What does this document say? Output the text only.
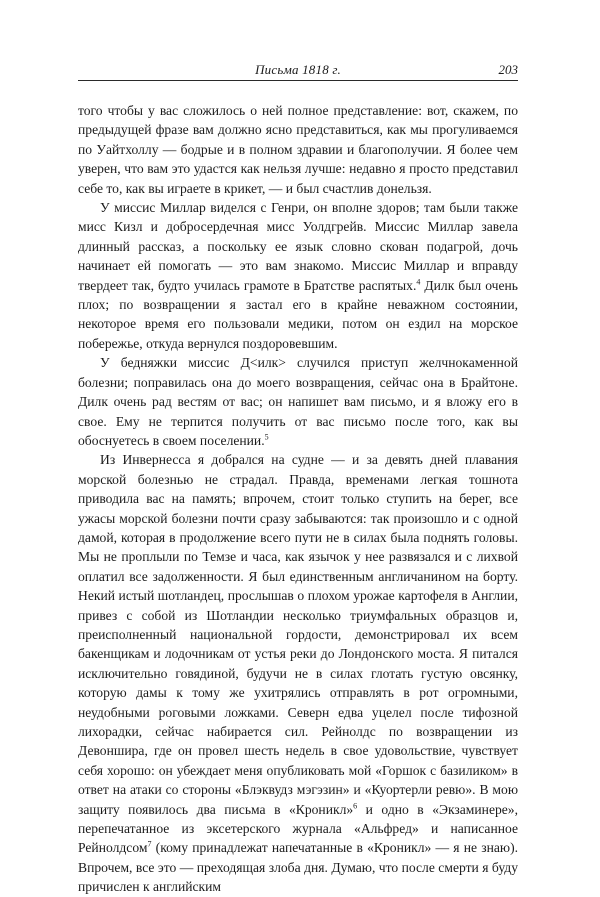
Письма 1818 г.	203

того чтобы у вас сложилось о ней полное представление: вот, скажем, по предыдущей фразе вам должно ясно представиться, как мы прогуливаемся по Уайтхоллу — бодрые и в полном здравии и благополучии. Я более чем уверен, что вам это удастся как нельзя лучше: недавно я просто представил себе то, как вы играете в крикет, — и был счастлив донельзя.

У миссис Миллар виделся с Генри, он вполне здоров; там были также мисс Кизл и добросердечная мисс Уолдгрейв. Миссис Миллар завела длинный рассказ, а поскольку ее язык словно скован подагрой, дочь начинает ей помогать — это вам знакомо. Миссис Миллар и вправду твердеет так, будто училась грамоте в Братстве распятых.$^4$ Дилк был очень плох; по возвращении я застал его в крайне неважном состоянии, некоторое время его пользовали медики, потом он ездил на морское побережье, откуда вернулся поздоровевшим.

У бедняжки миссис Д<илк> случился приступ желчнокаменной болезни; поправилась она до моего возвращения, сейчас она в Брайтоне. Дилк очень рад вестям от вас; он напишет вам письмо, и я вложу его в свое. Ему не терпится получить от вас письмо после того, как вы обоснуетесь в своем поселении.$^5$

Из Инвернесса я добрался на судне — и за девять дней плавания морской болезнью не страдал. Правда, временами легкая тошнота приводила вас на память; впрочем, стоит только ступить на берег, все ужасы морской болезни почти сразу забываются: так произошло и с одной дамой, которая в продолжение всего пути не в силах была поднять головы. Мы не проплыли по Темзе и часа, как язычок у нее развязался и с лихвой оплатил все задолженности. Я был единственным англичанином на борту. Некий истый шотландец, прослышав о плохом урожае картофеля в Англии, привез с собой из Шотландии несколько триумфальных образцов и, преисполненный национальной гордости, демонстрировал их всем бакенщикам и лодочникам от устья реки до Лондонского моста. Я питался исключительно говядиной, будучи не в силах глотать густую овсянку, которую дамы к тому же ухитрялись отправлять в рот огромными, неудобными роговыми ложками. Северн едва уцелел после тифозной лихорадки, сейчас набирается сил. Рейнолдс по возвращении из Девоншира, где он провел шесть недель в свое удовольствие, чувствует себя хорошо: он убеждает меня опубликовать мой «Горшок с базиликом» в ответ на атаки со стороны «Блэквудз мэгэзин» и «Куортерли ревю». В мою защиту появилось два письма в «Кроникл»$^6$ и одно в «Экзаминере», перепечатанное из эксетерского журнала «Альфред» и написанное Рейнолдсом$^7$ (кому принадлежат напечатанные в «Кроникл» — я не знаю). Впрочем, все это — преходящая злоба дня. Думаю, что после смерти я буду причислен к английским
